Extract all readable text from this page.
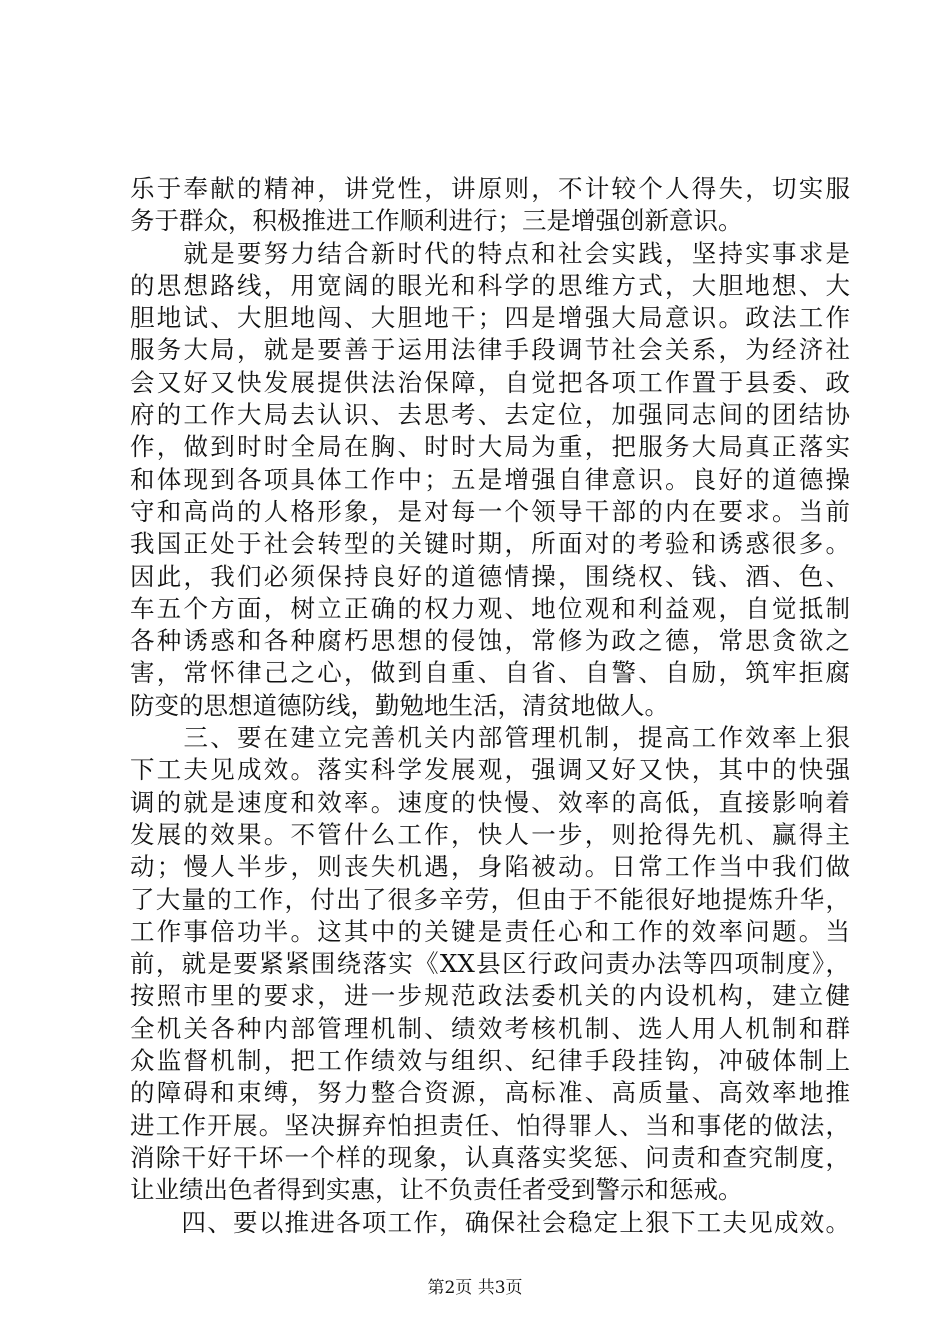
乐于奉献的精神，讲党性，讲原则，不计较个人得失，切实服
务于群众，积极推进工作顺利进行；三是增强创新意识。
　　就是要努力结合新时代的特点和社会实践，坚持实事求是
的思想路线，用宽阔的眼光和科学的思维方式，大胆地想、大
胆地试、大胆地闯、大胆地干；四是增强大局意识。政法工作
服务大局，就是要善于运用法律手段调节社会关系，为经济社
会又好又快发展提供法治保障，自觉把各项工作置于县委、政
府的工作大局去认识、去思考、去定位，加强同志间的团结协
作，做到时时全局在胸、时时大局为重，把服务大局真正落实
和体现到各项具体工作中；五是增强自律意识。良好的道德操
守和高尚的人格形象，是对每一个领导干部的内在要求。当前
我国正处于社会转型的关键时期，所面对的考验和诱惑很多。
因此，我们必须保持良好的道德情操，围绕权、钱、酒、色、
车五个方面，树立正确的权力观、地位观和利益观，自觉抵制
各种诱惑和各种腐朽思想的侵蚀，常修为政之德，常思贪欲之
害，常怀律己之心，做到自重、自省、自警、自励，筑牢拒腐
防变的思想道德防线，勤勉地生活，清贫地做人。
　　三、要在建立完善机关内部管理机制，提高工作效率上狠
下工夫见成效。落实科学发展观，强调又好又快，其中的快强
调的就是速度和效率。速度的快慢、效率的高低，直接影响着
发展的效果。不管什么工作，快人一步，则抢得先机、赢得主
动；慢人半步，则丧失机遇，身陷被动。日常工作当中我们做
了大量的工作，付出了很多辛劳，但由于不能很好地提炼升华，
工作事倍功半。这其中的关键是责任心和工作的效率问题。当
前，就是要紧紧围绕落实《XX县区行政问责办法等四项制度》，
按照市里的要求，进一步规范政法委机关的内设机构，建立健
全机关各种内部管理机制、绩效考核机制、选人用人机制和群
众监督机制，把工作绩效与组织、纪律手段挂钩，冲破体制上
的障碍和束缚，努力整合资源，高标准、高质量、高效率地推
进工作开展。坚决摒弃怕担责任、怕得罪人、当和事佬的做法，
消除干好干坏一个样的现象，认真落实奖惩、问责和查究制度，
让业绩出色者得到实惠，让不负责任者受到警示和惩戒。
　　四、要以推进各项工作，确保社会稳定上狠下工夫见成效。
第2页 共3页
